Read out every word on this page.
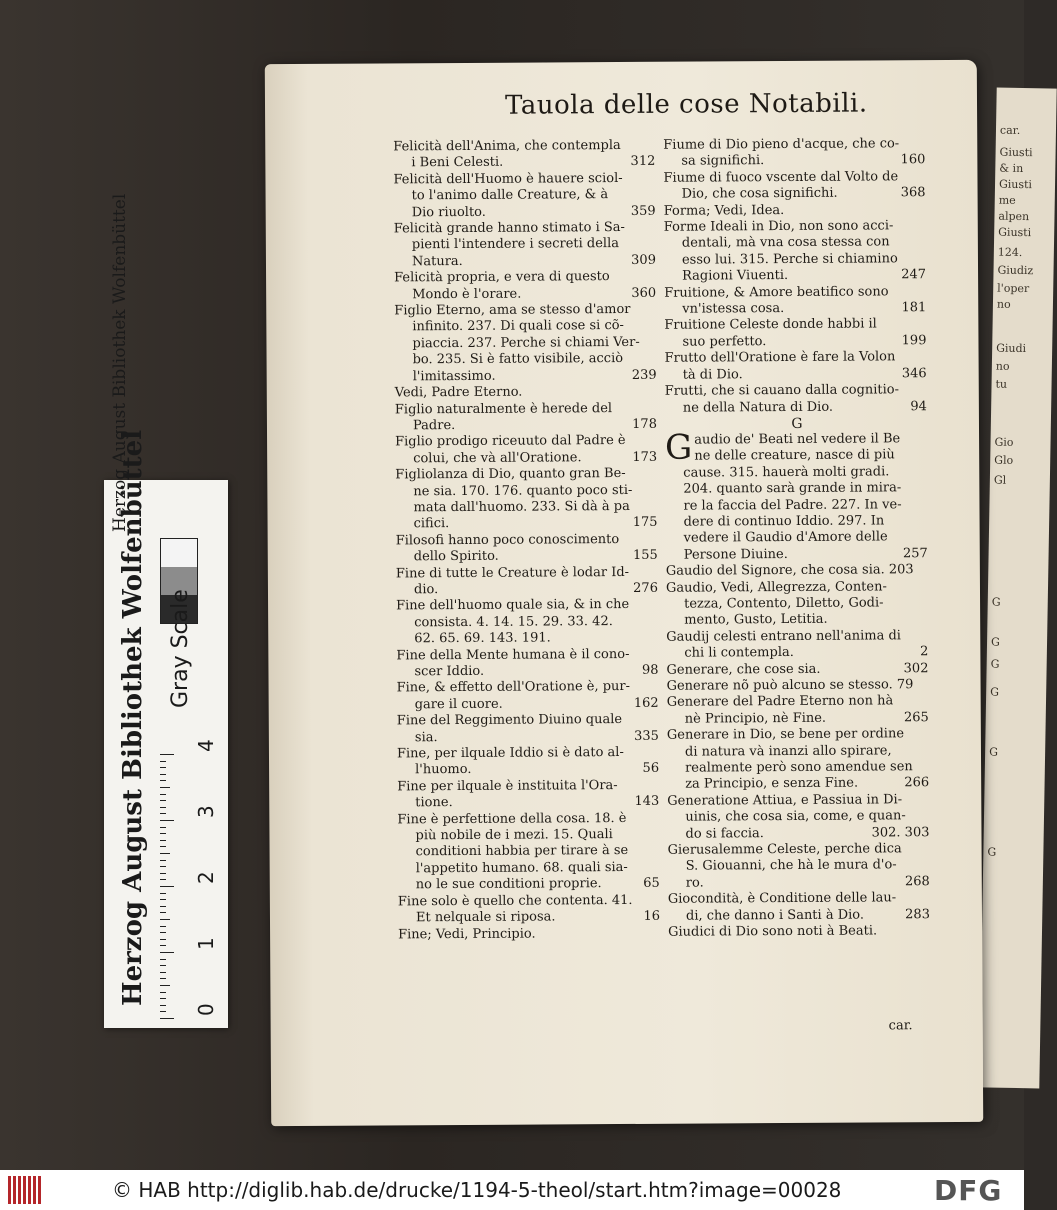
car.
Giusti
& in
Giusti
me
alpen
Giusti
124.
Giudiz
l'oper
no
Giudi
no
tu
Gio
Glo
Gl
G
G
G
G
G
G
Tauola delle cose Notabili.
Felicità dell'Anima, che contempla
i Beni Celesti.	312
Felicità dell'Huomo è hauere sciol-
to l'animo dalle Creature, & à
Dio riuolto.	359
Felicità grande hanno stimato i Sa-
pienti l'intendere i secreti della
Natura.	309
Felicità propria, e vera di questo
Mondo è l'orare.	360
Figlio Eterno, ama se stesso d'amor
infinito. 237. Di quali cose si cõ-
piaccia. 237. Perche si chiami Ver-
bo. 235. Si è fatto visibile, acciò
l'imitassimo.	239
Vedi, Padre Eterno.
Figlio naturalmente è herede del
Padre.	178
Figlio prodigo riceuuto dal Padre è
colui, che và all'Oratione.	173
Figliolanza di Dio, quanto gran Be-
ne sia. 170. 176. quanto poco sti-
mata dall'huomo. 233. Si dà à pa
cifici.	175
Filosofi hanno poco conoscimento
dello Spirito.	155
Fine di tutte le Creature è lodar Id-
dio.	276
Fine dell'huomo quale sia, & in che
consista. 4. 14. 15. 29. 33. 42.
62. 65. 69. 143. 191.
Fine della Mente humana è il cono-
scer Iddio.	98
Fine, & effetto dell'Oratione è, pur-
gare il cuore.	162
Fine del Reggimento Diuino quale
sia.	335
Fine, per ilquale Iddio si è dato al-
l'huomo.	56
Fine per ilquale è instituita l'Ora-
tione.	143
Fine è perfettione della cosa. 18. è
più nobile de i mezi. 15. Quali
conditioni habbia per tirare à se
l'appetito humano. 68. quali sia-
no le sue conditioni proprie.	65
Fine solo è quello che contenta. 41.
Et nelquale si riposa.	16
Fine; Vedi, Principio.
Fiume di Dio pieno d'acque, che co-
sa significhi.	160
Fiume di fuoco vscente dal Volto de
Dio, che cosa significhi.	368
Forma; Vedi, Idea.
Forme Ideali in Dio, non sono acci-
dentali, mà vna cosa stessa con
esso lui. 315. Perche si chiamino
Ragioni Viuenti.	247
Fruitione, & Amore beatifico sono
vn'istessa cosa.	181
Fruitione Celeste donde habbi il
suo perfetto.	199
Frutto dell'Oratione è fare la Volon
tà di Dio.	346
Frutti, che si cauano dalla cognitio-
ne della Natura di Dio.	94
G
G audio de' Beati nel vedere il Be
ne delle creature, nasce di più
cause. 315. hauerà molti gradi.
204. quanto sarà grande in mira-
re la faccia del Padre. 227. In ve-
dere di continuo Iddio. 297. In
vedere il Gaudio d'Amore delle
Persone Diuine.	257
Gaudio del Signore, che cosa sia. 203
Gaudio, Vedi, Allegrezza, Conten-
tezza, Contento, Diletto, Godi-
mento, Gusto, Letitia.
Gaudij celesti entrano nell'anima di
chi li contempla.	2
Generare, che cose sia.	302
Generare nõ può alcuno se stesso. 79
Generare del Padre Eterno non hà
nè Principio, nè Fine.	265
Generare in Dio, se bene per ordine
di natura và inanzi allo spirare,
realmente però sono amendue sen
za Principio, e senza Fine.	266
Generatione Attiua, e Passiua in Di-
uinis, che cosa sia, come, e quan-
do si faccia.	302. 303
Gierusalemme Celeste, perche dica
S. Giouanni, che hà le mura d'o-
ro.	268
Giocondità, è Conditione delle lau-
di, che danno i Santi à Dio.	283
Giudici di Dio sono noti à Beati.
car.
Herzog August Bibliothek Wolfenbüttel
Herzog August Bibliothek Wolfenbüttel Gray Scale
0
1
2
3
4
© HAB http://diglib.hab.de/drucke/1194-5-theol/start.htm?image=00028	DFG
